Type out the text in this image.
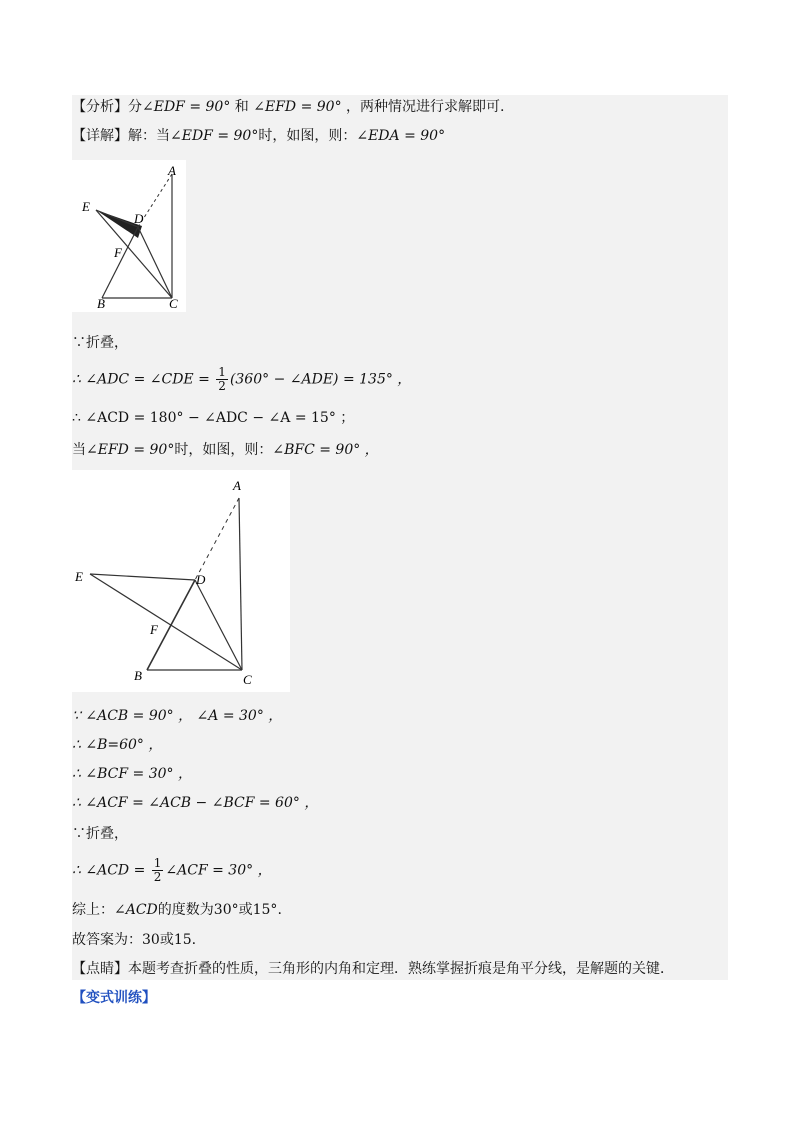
【分析】分∠EDF = 90° 和 ∠EFD = 90° ，两种情况进行求解即可.
【详解】解：当∠EDF = 90°时，如图，则：∠EDA = 90°
A
E
D
F
B	C
∵折叠，
∴ ∠ADC = ∠CDE = $\frac{1}{2} (360^\circ$ − ∠ADE) = 135° ，
∴ ∠ACD = 180° − ∠ADC − ∠A = 15° ；
当∠EFD = 90°时，如图，则：∠BFC = 90° ，
A
E	D
F
B	C
∵ ∠ACB = 90° ， ∠A = 30° ，
∴ ∠B=60° ，
∴ ∠BCF = 30° ，
∴ ∠ACF = ∠ACB − ∠BCF = 60° ，
∵折叠，
∴ ∠ACD = $\frac{1}{2}$ ∠ACF = 30° ，
综上：∠ACD的度数为30°或15°.
故答案为：30或15.
【点睛】本题考查折叠的性质，三角形的内角和定理．熟练掌握折痕是角平分线，是解题的关键．
【变式训练】
